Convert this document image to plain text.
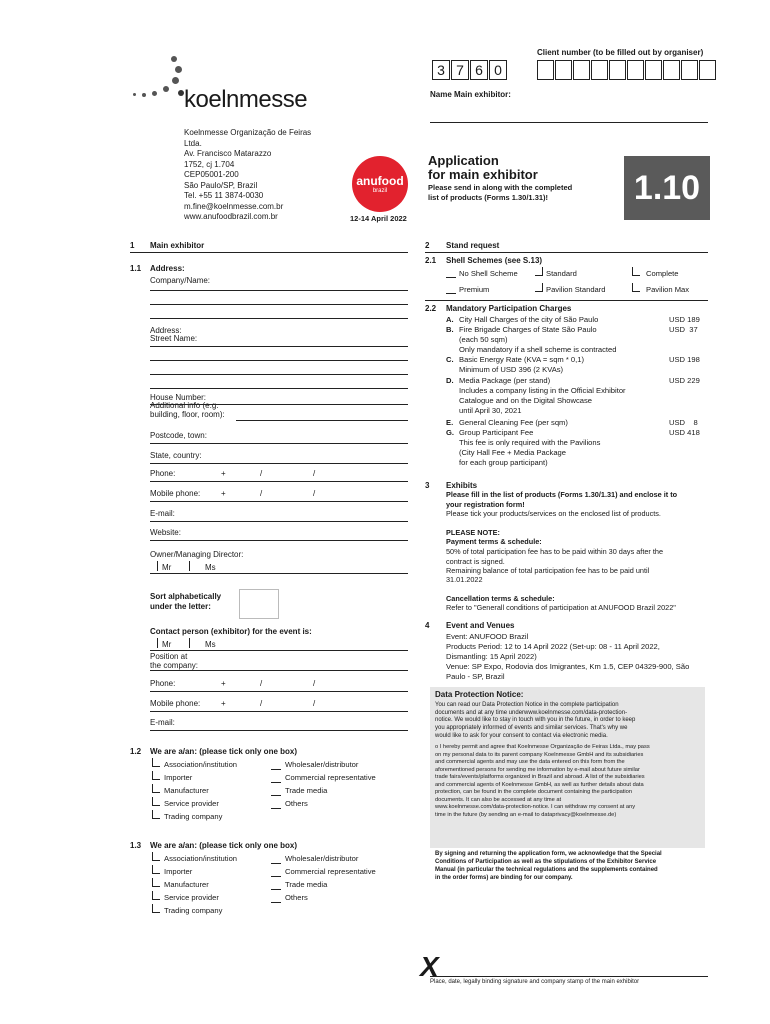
Client number (to be filled out by organiser)
3 7 6 0
Name Main exhibitor:
koelnmesse
Koelnmesse Organização de Feiras
Ltda.
Av. Francisco Matarazzo
1752, cj 1.704
CEP05001-200
São Paulo/SP, Brazil
Tel. +55 11 3874-0030
m.fine@koelnmesse.com.br
www.anufoodbrazil.com.br
anufood
brazil
12-14 April 2022
Application
for main exhibitor
Please send in along with the completed
list of products (Forms 1.30/1.31)!	1.10
1 Main exhibitor
1.1 Address:
Company/Name:
Address:
Street Name:
House Number:
Additional info (e.g.
building, floor, room):
Postcode, town:
State, country:
Phone:	+	/	/
Mobile phone:	+	/	/
E-mail:
Website:
Owner/Managing Director:
Mr	Ms
Sort alphabetically
under the letter:
Contact person (exhibitor) for the event is:
Mr	Ms
Position at
the company:
Phone:	+	/	/
Mobile phone:	+	/	/
E-mail:
1.2 We are a/an: (please tick only one box)
Association/institution
Importer
Manufacturer
Service provider
Trading company
Wholesaler/distributor
Commercial representative
Trade media
Others
1.3 We are a/an: (please tick only one box)
Association/institution
Importer
Manufacturer
Service provider
Trading company
Wholesaler/distributor
Commercial representative
Trade media
Others
2 Stand request
2.1 Shell Schemes (see S.13)
No Shell Scheme	Standard	Complete
Premium	Pavilion Standard	Pavilion Max
2.2 Mandatory Participation Charges
A. City Hall Charges of the city of São Paulo	USD 189
B. Fire Brigade Charges of State São Paulo	USD  37
(each 50 sqm)
Only mandatory if a shell scheme is contracted
C. Basic Energy Rate (KVA = sqm * 0,1)	USD 198
Minimum of USD 396 (2 KVAs)
D. Media Package (per stand)	USD 229
Includes a company listing in the Official Exhibitor
Catalogue and on the Digital Showcase
until April 30, 2021
E. General Cleaning Fee (per sqm)	USD    8
G. Group Participant Fee	USD 418
This fee is only required with the Pavilions
(City Hall Fee + Media Package
for each group participant)
3 Exhibits
Please fill in the list of products (Forms 1.30/1.31) and enclose it to
your registration form!
Please tick your products/services on the enclosed list of products.
PLEASE NOTE:
Payment terms & schedule:
50% of total participation fee has to be paid within 30 days after the
contract is signed.
Remaining balance of total participation fee has to be paid until
31.01.2022
Cancellation terms & schedule:
Refer to "Generall conditions of participation at ANUFOOD Brazil 2022"
4 Event and Venues
Event: ANUFOOD Brazil
Products Period: 12 to 14 April 2022 (Set-up: 08 - 11 April 2022,
Dismantling: 15 April 2022)
Venue: SP Expo, Rodovia dos Imigrantes, Km 1.5, CEP 04329-900, São
Paulo - SP, Brazil
Data Protection Notice:
You can read our Data Protection Notice in the complete participation
documents and at any time underwww.koelnmesse.com/data-protection-
notice. We would like to stay in touch with you in the future, in order to keep
you appropriately informed of events and similar services. That's why we
would like to ask for your consent to contact via electronic media.
o I hereby permit and agree that Koelnmesse Organização de Feiras Ltda., may pass
on my personal data to its parent company Koelnmesse GmbH and its subsidiaries
and commercial agents and may use the data entered on this form from the
aforementioned persons for sending me information by e-mail about future similar
trade fairs/events/platforms organized in Brazil and abroad. A list of the subsidiaries
and commercial agents of Koelnmesse GmbH, as well as further details about data
protection, can be found in the complete document containing the participation
documents. It can also be accessed at any time at
www.koelnmesse.com/data-protection-notice. I can withdraw my consent at any
time in the future (by sending an e-mail to dataprivacy@koelnmesse.de)
By signing and returning the application form, we acknowledge that the Special
Conditions of Participation as well as the stipulations of the Exhibitor Service
Manual (in particular the technical regulations and the supplements contained
in the order forms) are binding for our company.
X
Place, date, legally binding signature and company stamp of the main exhibitor
